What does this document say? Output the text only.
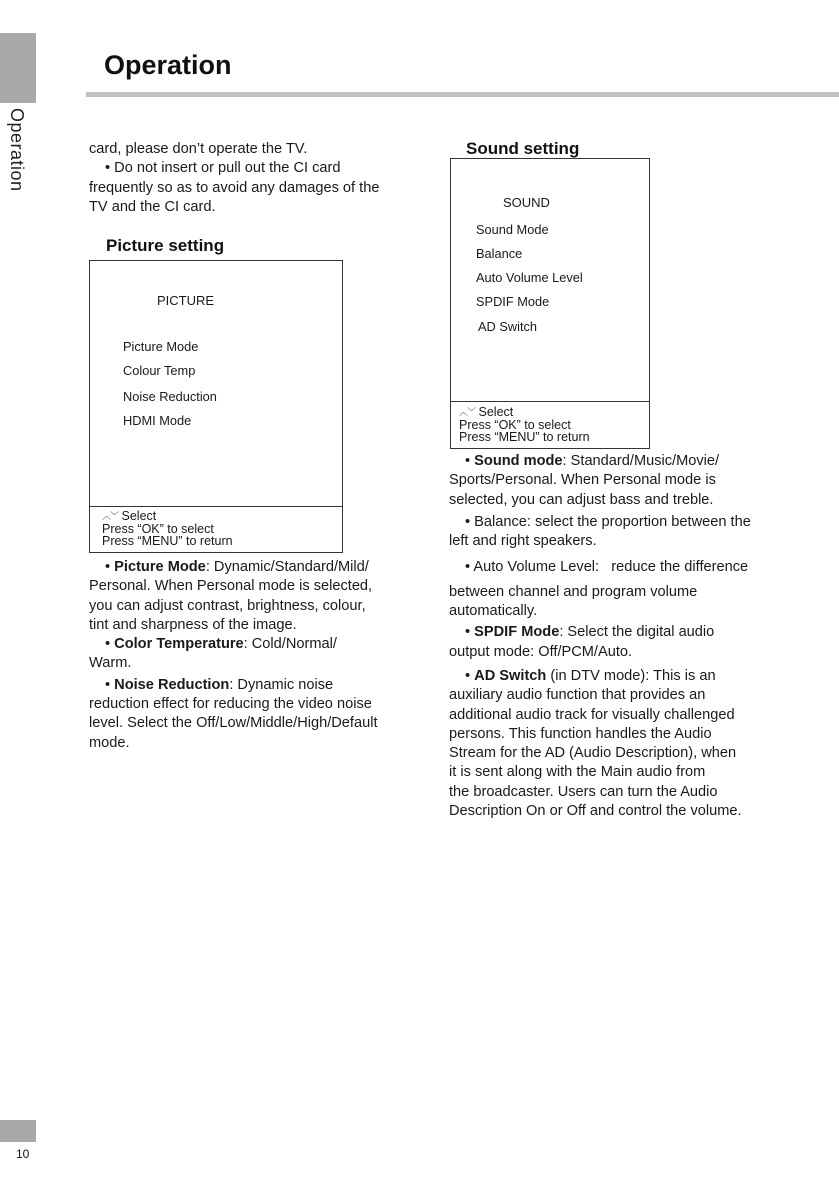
Operation
Operation

card, please don’t operate the TV.

• Do not insert or pull out the CI card

frequently so as to avoid any damages of the

TV and the CI card.

Picture setting
PICTURE
Picture Mode
Colour Temp
Noise Reduction
HDMI Mode
︿﹀ Select
Press “OK” to select
Press “MENU” to return

• Picture Mode: Dynamic/Standard/Mild/

Personal. When Personal mode is selected,

you can adjust contrast, brightness, colour,

tint and sharpness of the image.

• Color Temperature: Cold/Normal/

Warm.

• Noise Reduction: Dynamic noise

reduction effect for reducing the video noise

level. Select the Off/Low/Middle/High/Default

mode.

Sound setting
SOUND
Sound Mode
Balance
Auto Volume Level
SPDIF Mode
AD Switch
︿﹀ Select
Press “OK” to select
Press “MENU” to return

• Sound mode: Standard/Music/Movie/

Sports/Personal. When Personal mode is

selected, you can adjust bass and treble.

• Balance: select the proportion between the

left and right speakers.

• Auto Volume Level:   reduce the difference

between channel and program volume

automatically.

• SPDIF Mode: Select the digital audio

output mode: Off/PCM/Auto.

• AD Switch (in DTV mode): This is an

auxiliary audio function that provides an

additional audio track for visually challenged

persons. This function handles the Audio

Stream for the AD (Audio Description), when

it is sent along with the Main audio from

the broadcaster. Users can turn the Audio

Description On or Off and control the volume.

10
